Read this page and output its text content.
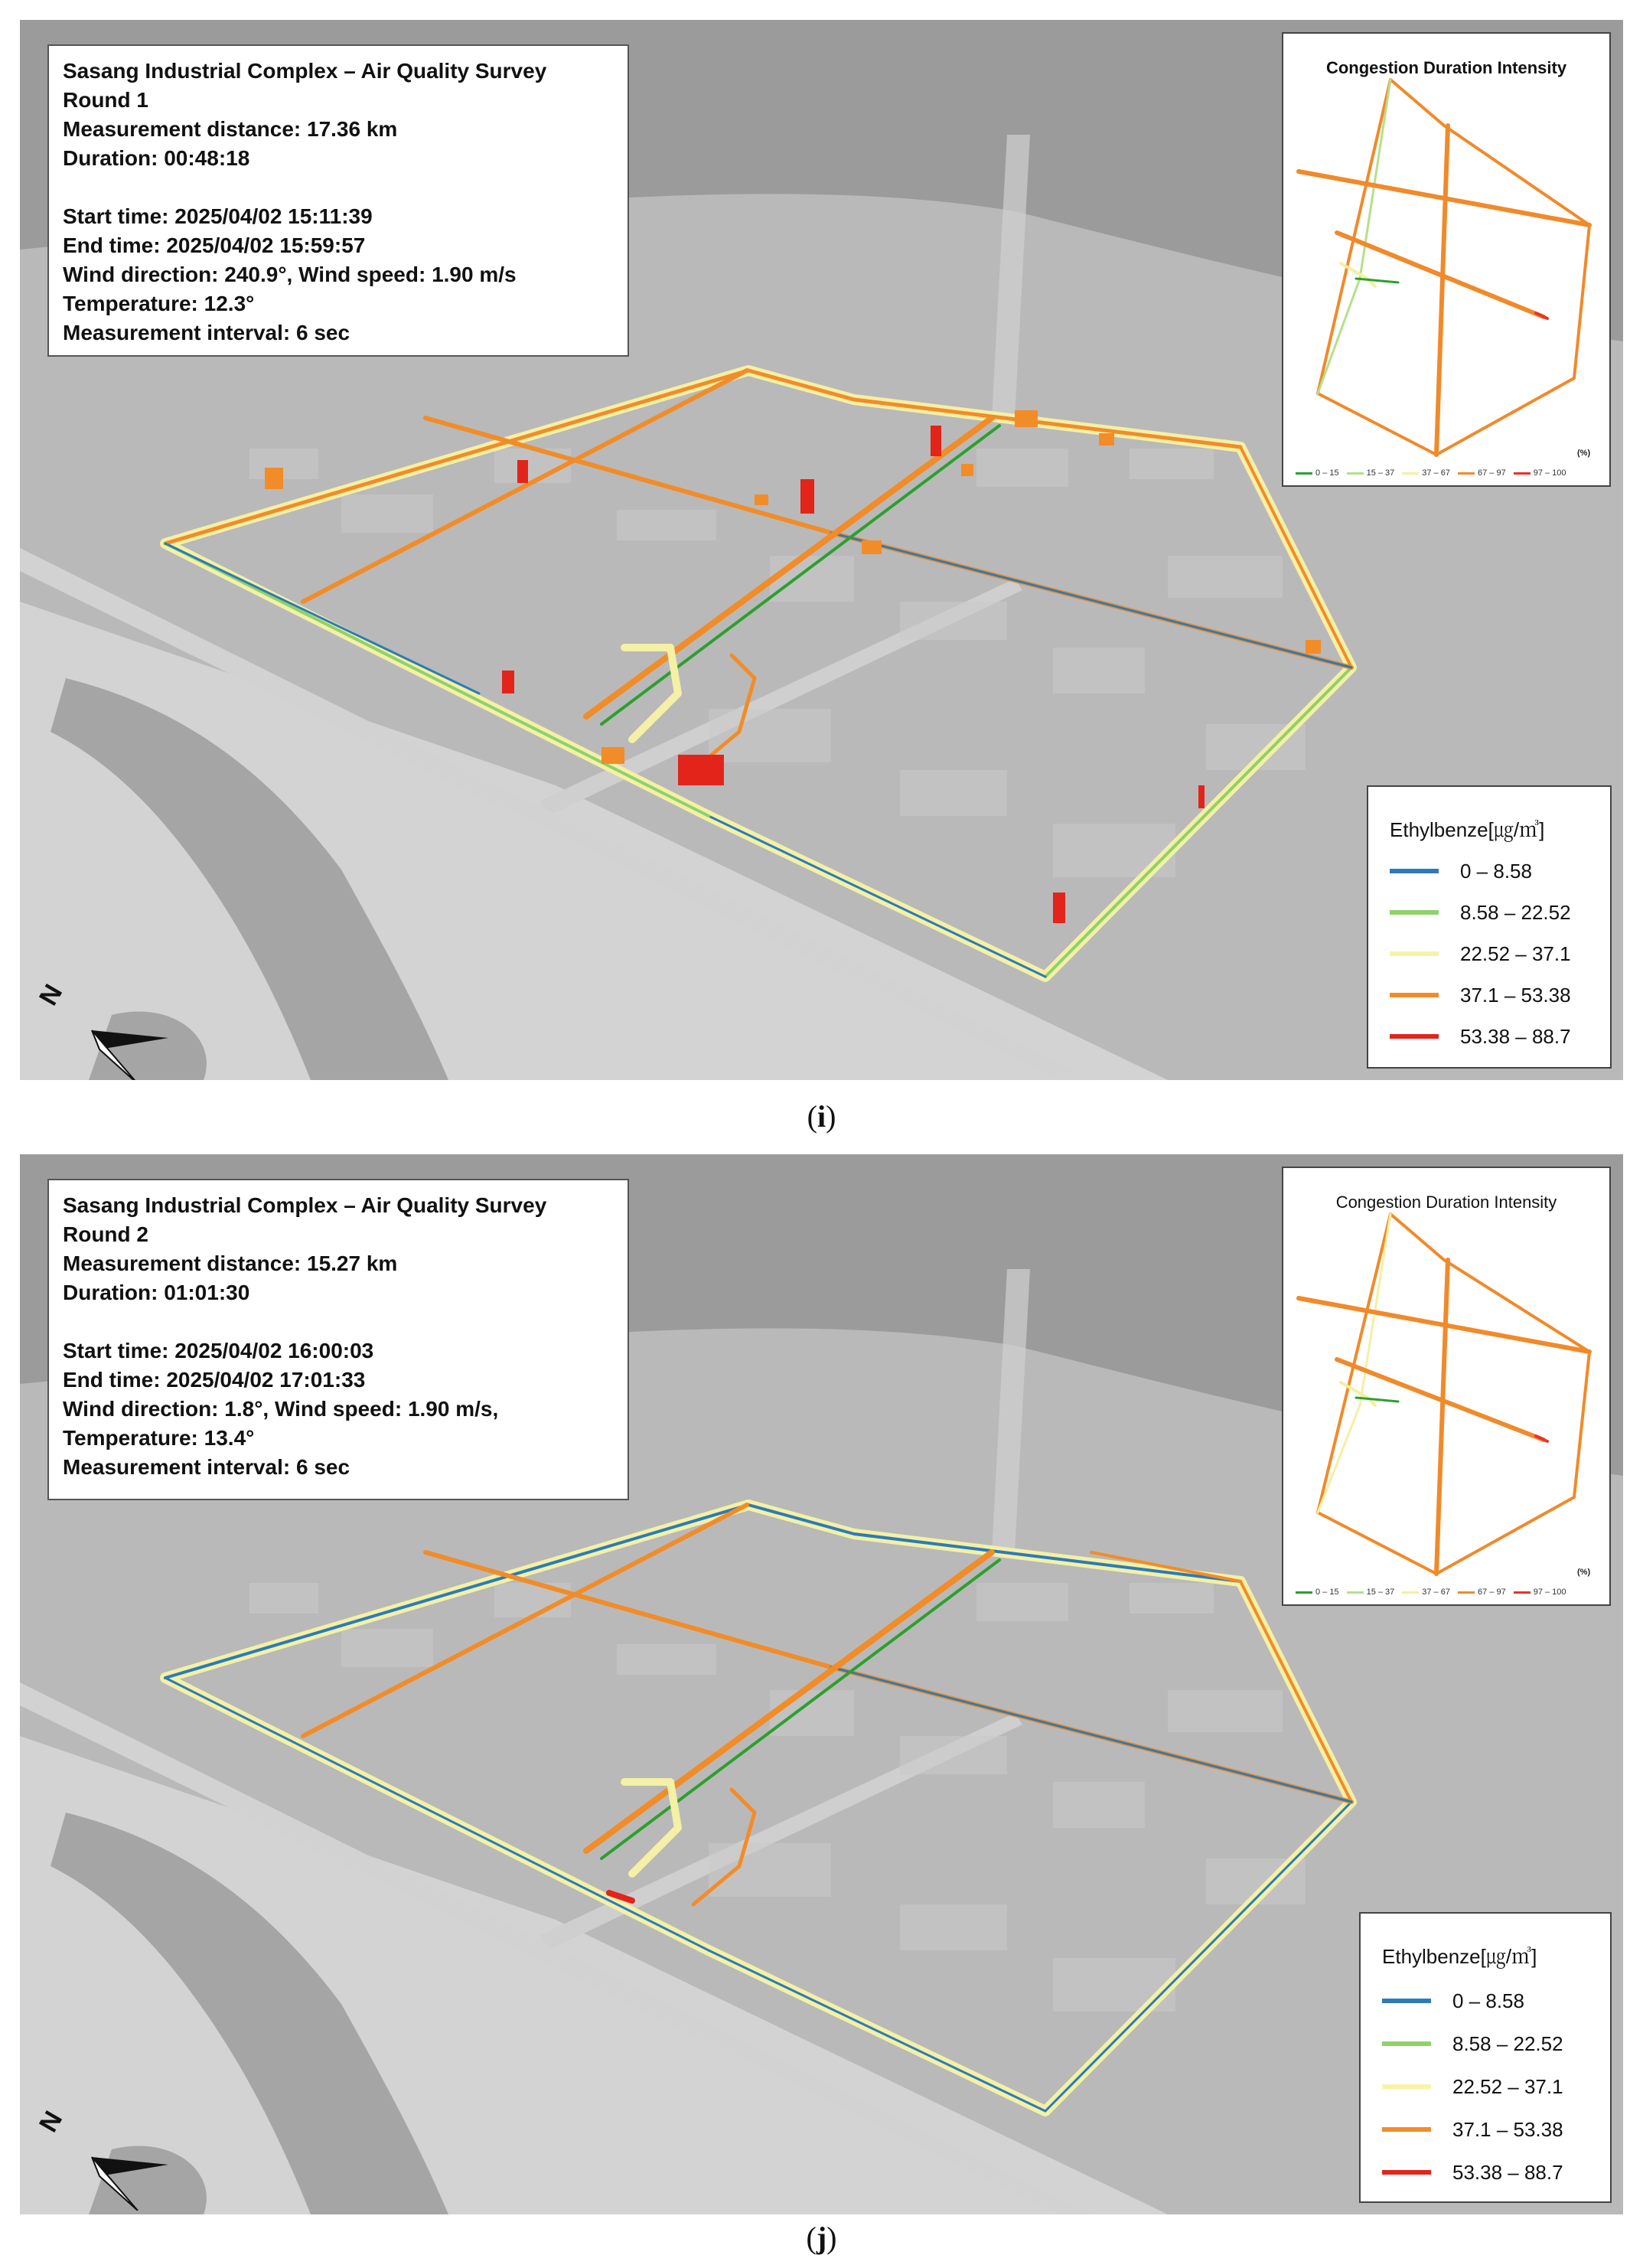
Sasang Industrial Complex – Air Quality Survey
Round 1
Measurement distance: 17.36 km
Duration: 00:48:18
Start time: 2025/04/02 15:11:39
End time: 2025/04/02 15:59:57
Wind direction: 240.9°, Wind speed: 1.90 m/s
Temperature: 12.3°
Measurement interval: 6 sec
Congestion Duration Intensity
(%)
0 – 15	15 – 37	37 – 67	67 – 97	97 – 100
Ethylbenze[㎍/㎥]
0 – 8.58
8.58 – 22.52
22.52 – 37.1
37.1 – 53.38
53.38 – 88.7
N
(i)
Sasang Industrial Complex – Air Quality Survey
Round 2
Measurement distance: 15.27 km
Duration: 01:01:30
Start time: 2025/04/02 16:00:03
End time: 2025/04/02 17:01:33
Wind direction: 1.8°, Wind speed: 1.90 m/s,
Temperature: 13.4°
Measurement interval: 6 sec
Congestion Duration Intensity
(%)
0 – 15	15 – 37	37 – 67	67 – 97	97 – 100
Ethylbenze[㎍/㎥]
0 – 8.58
8.58 – 22.52
22.52 – 37.1
37.1 – 53.38
53.38 – 88.7
N
(j)
